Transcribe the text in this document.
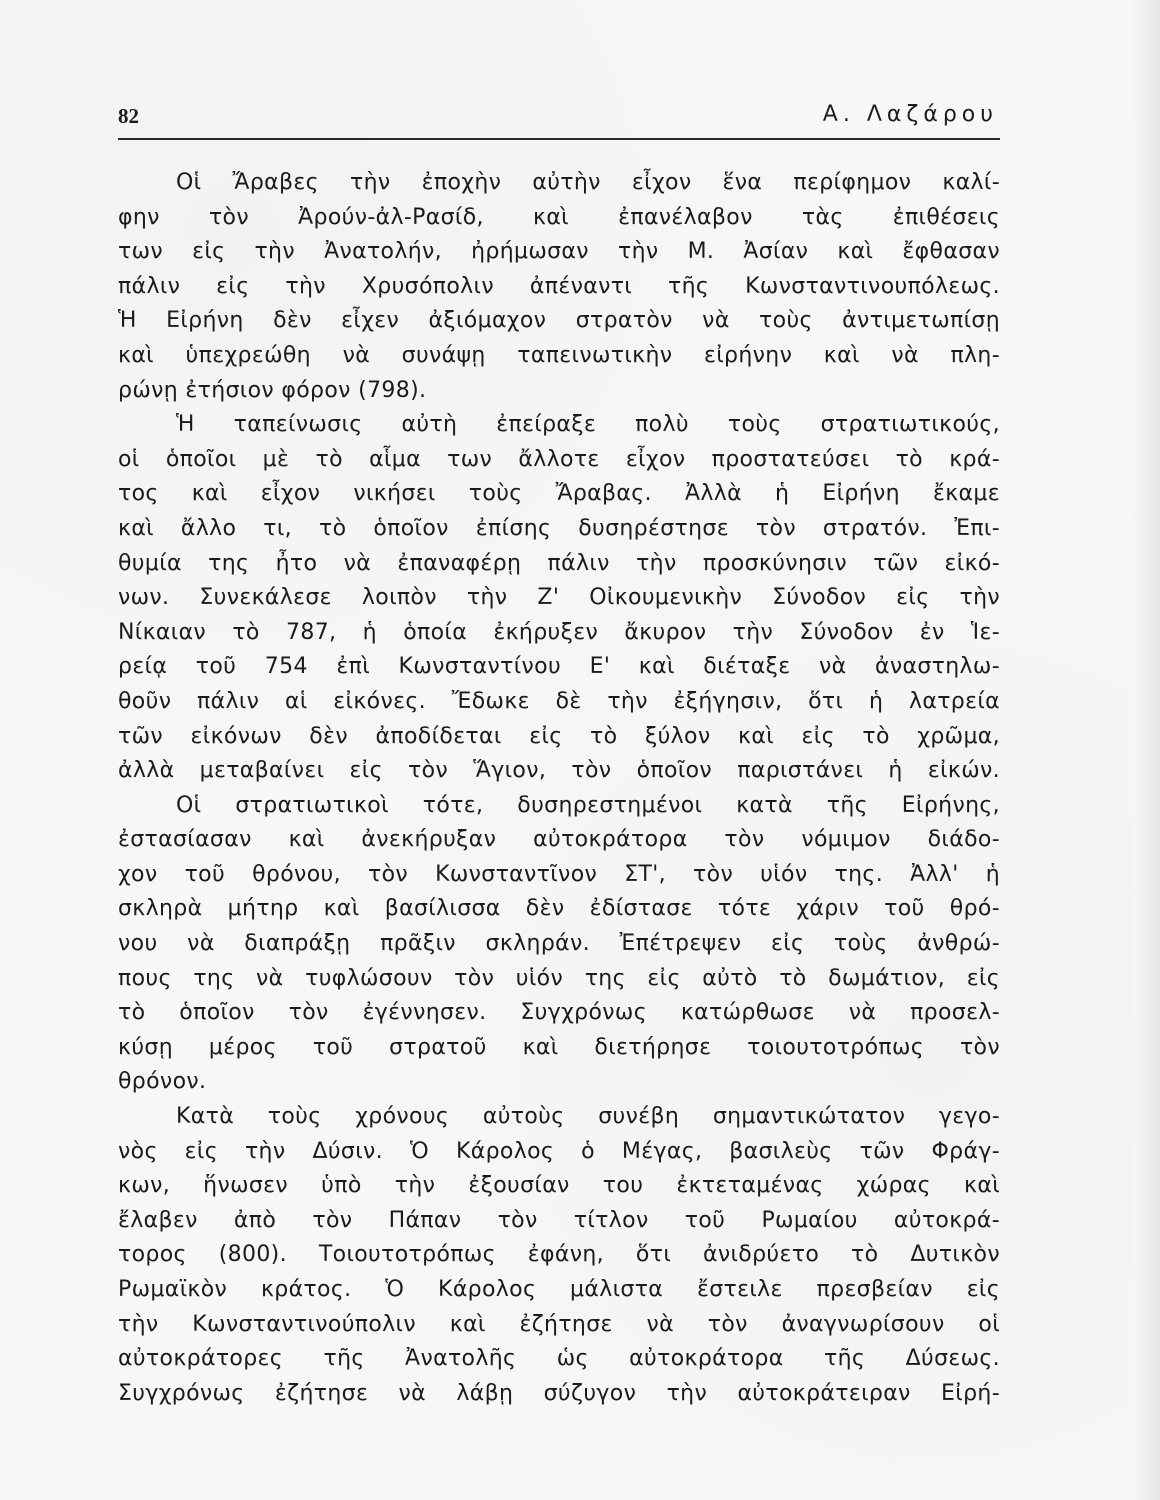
82	Α. Λαζάρου
Οἱ Ἄραβες τὴν ἐποχὴν αὐτὴν εἶχον ἕνα περίφημον καλί-
φην τὸν Ἀρούν-ἀλ-Ρασίδ, καὶ ἐπανέλαβον τὰς ἐπιθέσεις
των εἰς τὴν Ἀνατολήν, ἠρήμωσαν τὴν Μ. Ἀσίαν καὶ ἔφθασαν
πάλιν εἰς τὴν Χρυσόπολιν ἀπέναντι τῆς Κωνσταντινουπόλεως.
Ἡ Εἰρήνη δὲν εἶχεν ἀξιόμαχον στρατὸν νὰ τοὺς ἀντιμετωπίσῃ
καὶ ὑπεχρεώθη νὰ συνάψῃ ταπεινωτικὴν εἰρήνην καὶ νὰ πλη-
ρώνῃ ἐτήσιον φόρον (798).
Ἡ ταπείνωσις αὐτὴ ἐπείραξε πολὺ τοὺς στρατιωτικούς,
οἱ ὁποῖοι μὲ τὸ αἷμα των ἄλλοτε εἶχον προστατεύσει τὸ κρά-
τος καὶ εἶχον νικήσει τοὺς Ἄραβας. Ἀλλὰ ἡ Εἰρήνη ἔκαμε
καὶ ἄλλο τι, τὸ ὁποῖον ἐπίσης δυσηρέστησε τὸν στρατόν. Ἐπι-
θυμία της ἦτο νὰ ἐπαναφέρῃ πάλιν τὴν προσκύνησιν τῶν εἰκό-
νων. Συνεκάλεσε λοιπὸν τὴν Ζ' Οἰκουμενικὴν Σύνοδον εἰς τὴν
Νίκαιαν τὸ 787, ἡ ὁποία ἐκήρυξεν ἄκυρον τὴν Σύνοδον ἐν Ἱε-
ρείᾳ τοῦ 754 ἐπὶ Κωνσταντίνου Ε' καὶ διέταξε νὰ ἀναστηλω-
θοῦν πάλιν αἱ εἰκόνες. Ἔδωκε δὲ τὴν ἐξήγησιν, ὅτι ἡ λατρεία
τῶν εἰκόνων δὲν ἀποδίδεται εἰς τὸ ξύλον καὶ εἰς τὸ χρῶμα,
ἀλλὰ μεταβαίνει εἰς τὸν Ἅγιον, τὸν ὁποῖον παριστάνει ἡ εἰκών.
Οἱ στρατιωτικοὶ τότε, δυσηρεστημένοι κατὰ τῆς Εἰρήνης,
ἐστασίασαν καὶ ἀνεκήρυξαν αὐτοκράτορα τὸν νόμιμον διάδο-
χον τοῦ θρόνου, τὸν Κωνσταντῖνον ΣΤ', τὸν υἱόν της. Ἀλλ' ἡ
σκληρὰ μήτηρ καὶ βασίλισσα δὲν ἐδίστασε τότε χάριν τοῦ θρό-
νου νὰ διαπράξῃ πρᾶξιν σκληράν. Ἐπέτρεψεν εἰς τοὺς ἀνθρώ-
πους της νὰ τυφλώσουν τὸν υἱόν της εἰς αὐτὸ τὸ δωμάτιον, εἰς
τὸ ὁποῖον τὸν ἐγέννησεν. Συγχρόνως κατώρθωσε νὰ προσελ-
κύσῃ μέρος τοῦ στρατοῦ καὶ διετήρησε τοιουτοτρόπως τὸν
θρόνον.
Κατὰ τοὺς χρόνους αὐτοὺς συνέβη σημαντικώτατον γεγο-
νὸς εἰς τὴν Δύσιν. Ὁ Κάρολος ὁ Μέγας, βασιλεὺς τῶν Φράγ-
κων, ἥνωσεν ὑπὸ τὴν ἐξουσίαν του ἐκτεταμένας χώρας καὶ
ἔλαβεν ἀπὸ τὸν Πάπαν τὸν τίτλον τοῦ Ρωμαίου αὐτοκρά-
τορος (800). Τοιουτοτρόπως ἐφάνη, ὅτι ἀνιδρύετο τὸ Δυτικὸν
Ρωμαϊκὸν κράτος. Ὁ Κάρολος μάλιστα ἔστειλε πρεσβείαν εἰς
τὴν Κωνσταντινούπολιν καὶ ἐζήτησε νὰ τὸν ἀναγνωρίσουν οἱ
αὐτοκράτορες τῆς Ἀνατολῆς ὡς αὐτοκράτορα τῆς Δύσεως.
Συγχρόνως ἐζήτησε νὰ λάβῃ σύζυγον τὴν αὐτοκράτειραν Εἰρή-
